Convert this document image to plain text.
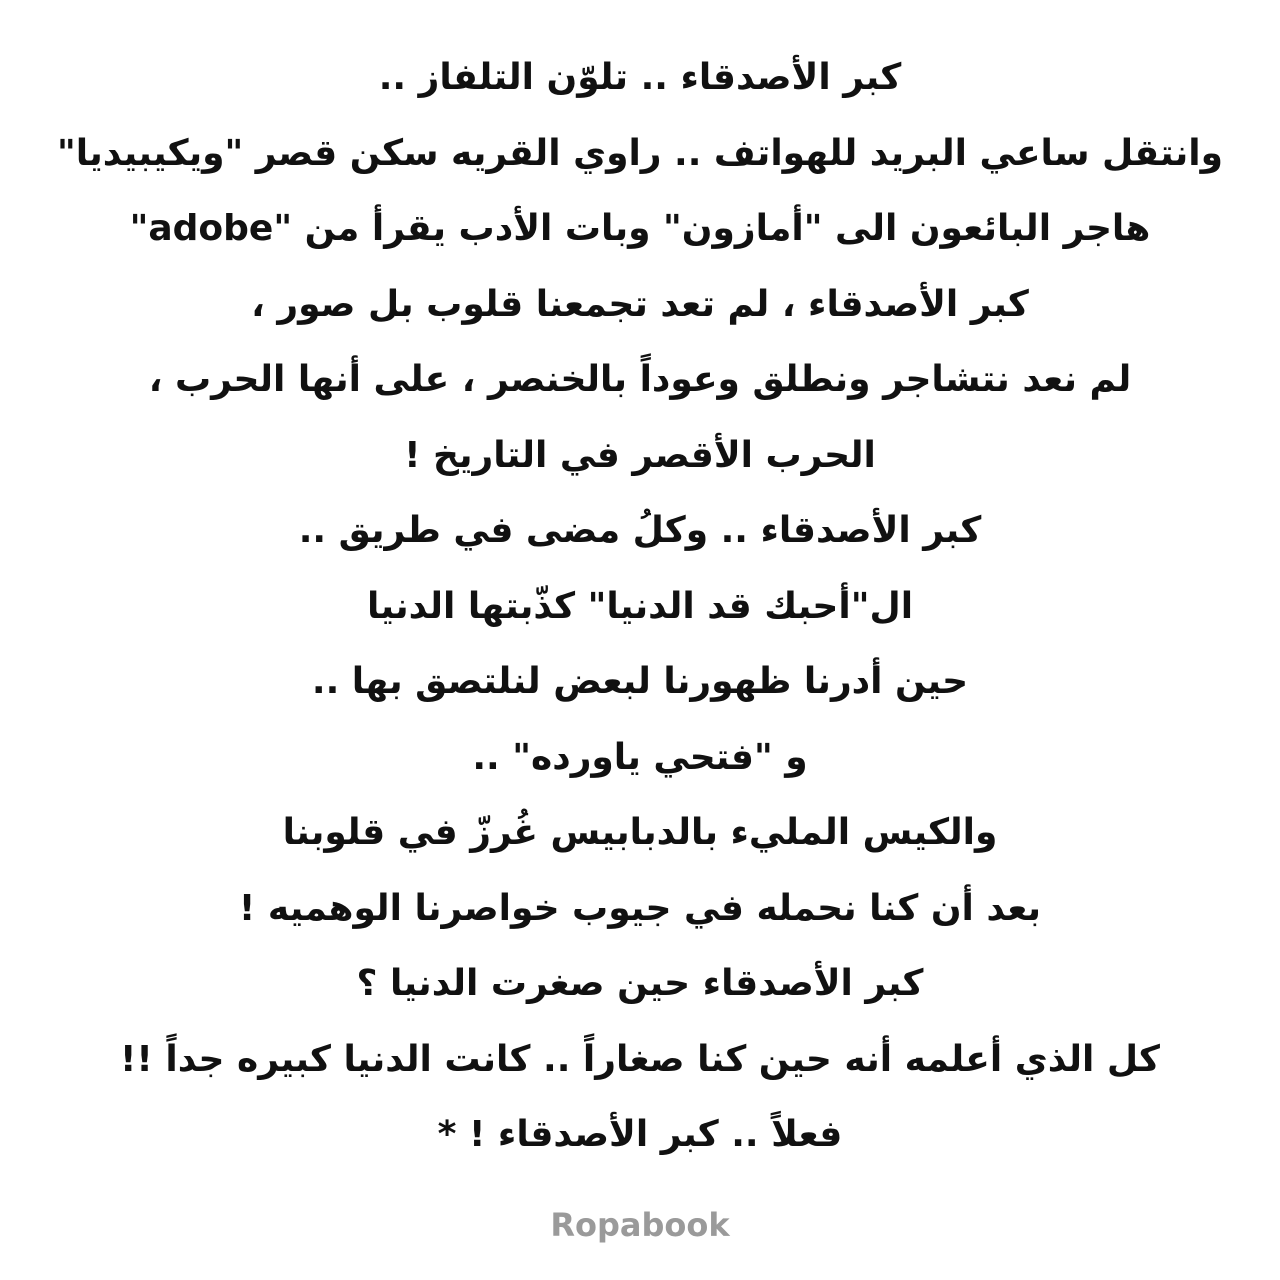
كبر الأصدقاء .. تلوّن التلفاز ..
وانتقل ساعي البريد للهواتف .. راوي القريه سكن قصر "ويكيبيديا"
هاجر البائعون الى "أمازون" وبات الأدب يقرأ من "adobe"
كبر الأصدقاء ، لم تعد تجمعنا قلوب بل صور ،
لم نعد نتشاجر ونطلق وعوداً بالخنصر ، على أنها الحرب ،
الحرب الأقصر في التاريخ !
كبر الأصدقاء .. وكلُ مضى في طريق ..
ال"أحبك قد الدنيا" كذّبتها الدنيا
حين أدرنا ظهورنا لبعض لنلتصق بها ..
و "فتحي ياورده" ..
والكيس المليء بالدبابيس غُرزّ في قلوبنا
بعد أن كنا نحمله في جيوب خواصرنا الوهميه !
كبر الأصدقاء حين صغرت الدنيا ؟
كل الذي أعلمه أنه حين كنا صغاراً .. كانت الدنيا كبيره جداً !!
فعلاً .. كبر الأصدقاء ! *
Ropabook
